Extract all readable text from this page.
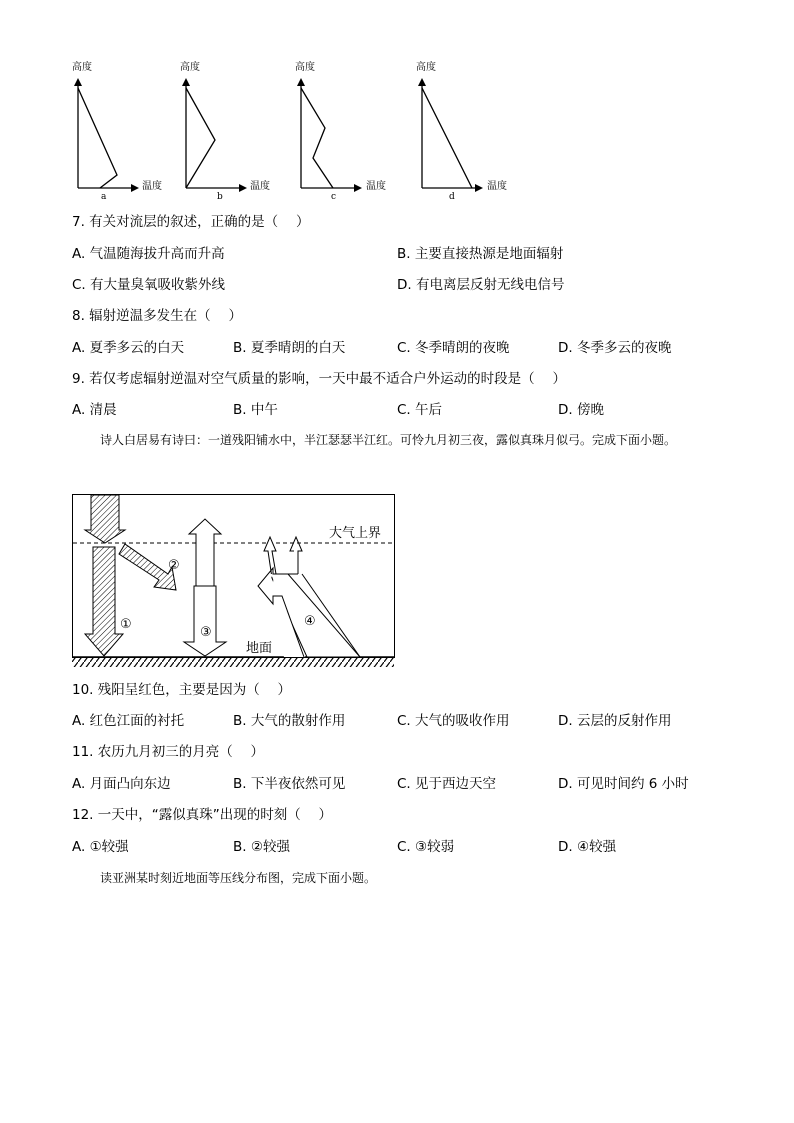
高度
温度
a
高度
温度
b
高度
温度
c
高度
温度
d
7. 有关对流层的叙述，正确的是（　 ）
A. 气温随海拔升高而升高	B. 主要直接热源是地面辐射
C. 有大量臭氧吸收紫外线	D. 有电离层反射无线电信号
8. 辐射逆温多发生在（　 ）
A. 夏季多云的白天	B. 夏季晴朗的白天	C. 冬季晴朗的夜晚	D. 冬季多云的夜晚
9. 若仅考虑辐射逆温对空气质量的影响，一天中最不适合户外运动的时段是（　 ）
A. 清晨	B. 中午	C. 午后	D. 傍晚
诗人白居易有诗曰：一道残阳铺水中，半江瑟瑟半江红。可怜九月初三夜，露似真珠月似弓。完成下面小题。
大气上界
地面
①
②
③
④
10. 残阳呈红色，主要是因为（　 ）
A. 红色江面的衬托	B. 大气的散射作用	C. 大气的吸收作用	D. 云层的反射作用
11. 农历九月初三的月亮（　 ）
A. 月面凸向东边	B. 下半夜依然可见	C. 见于西边天空	D. 可见时间约 6 小时
12. 一天中，“露似真珠”出现的时刻（　 ）
A. ①较强	B. ②较强	C. ③较弱	D. ④较强
读亚洲某时刻近地面等压线分布图，完成下面小题。
